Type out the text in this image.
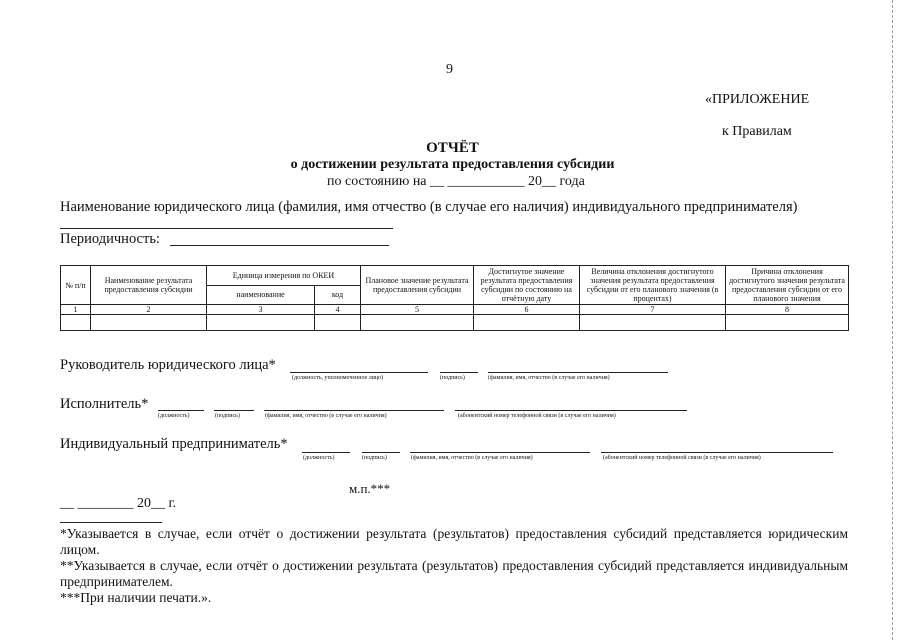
9
«ПРИЛОЖЕНИЕ
к Правилам
ОТЧЁТ
о достижении результата предоставления субсидии
по состоянию на __ ___________ 20__ года
Наименование юридического лица (фамилия, имя отчество (в случае его наличия) индивидуального предпринимателя)
Периодичность:
№ п/п	Наименование результата предоставления субсидии	Единица измерения по ОКЕИ		Плановое значение результата предоставления субсидии	Достигнутое значение результата предоставления субсидии по состоянию на отчётную дату	Величина отклонения достигнутого значения результата предоставления субсидии от его планового значения (в процентах)	Причина отклонения достигнутого значения результата предоставления субсидии от его планового значения
		наименование	код				
1	2	3	4	5	6	7	8

Руководитель юридического лица*
(должность, уполномоченное лицо)	(подпись)	(фамилия, имя, отчество (в случае его наличия)
Исполнитель*
(должность)	(подпись)	(фамилия, имя, отчество (в случае его наличия)	(абонентский номер телефонной связи (в случае его наличия)
Индивидуальный предприниматель*
(должность)	(подпись)	(фамилия, имя, отчество (в случае его наличия)	(абонентский номер телефонной связи (в случае его наличия)
м.п.***
__ ________ 20__ г.

*Указывается в случае, если отчёт о достижении результата (результатов) предоставления субсидий представляется юридическим лицом.

**Указывается в случае, если отчёт о достижении результата (результатов) предоставления субсидий представляется индивидуальным предпринимателем.

***При наличии печати.».
